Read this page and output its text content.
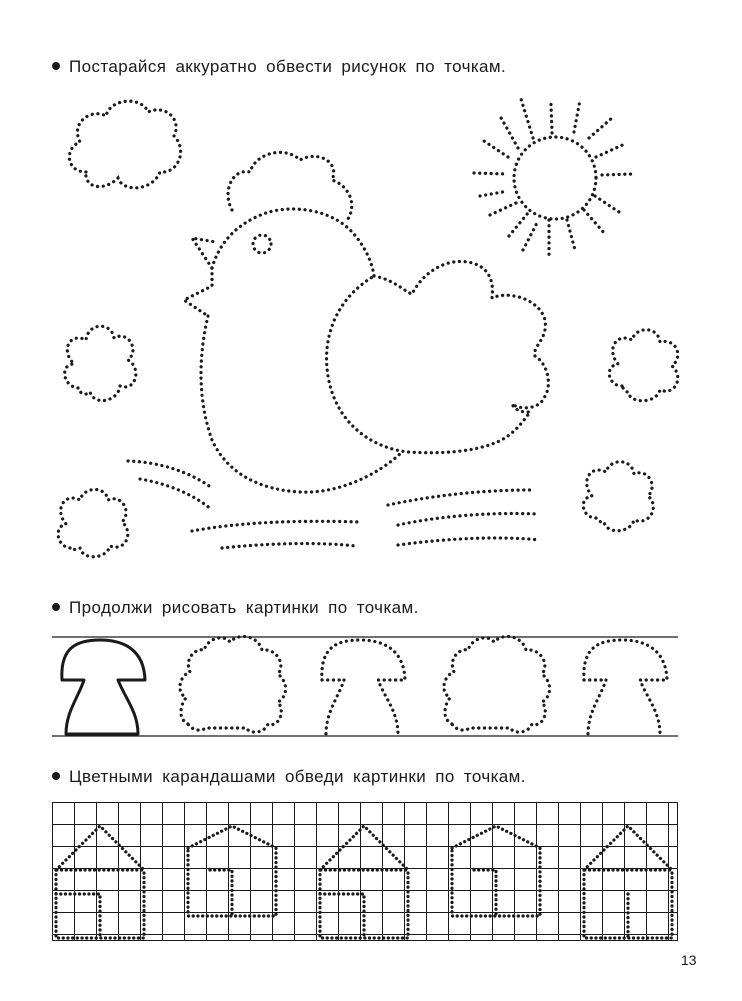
Постарайся аккуратно обвести рисунок по точкам.
Продолжи рисовать картинки по точкам.
Цветными карандашами обведи картинки по точкам.
13
